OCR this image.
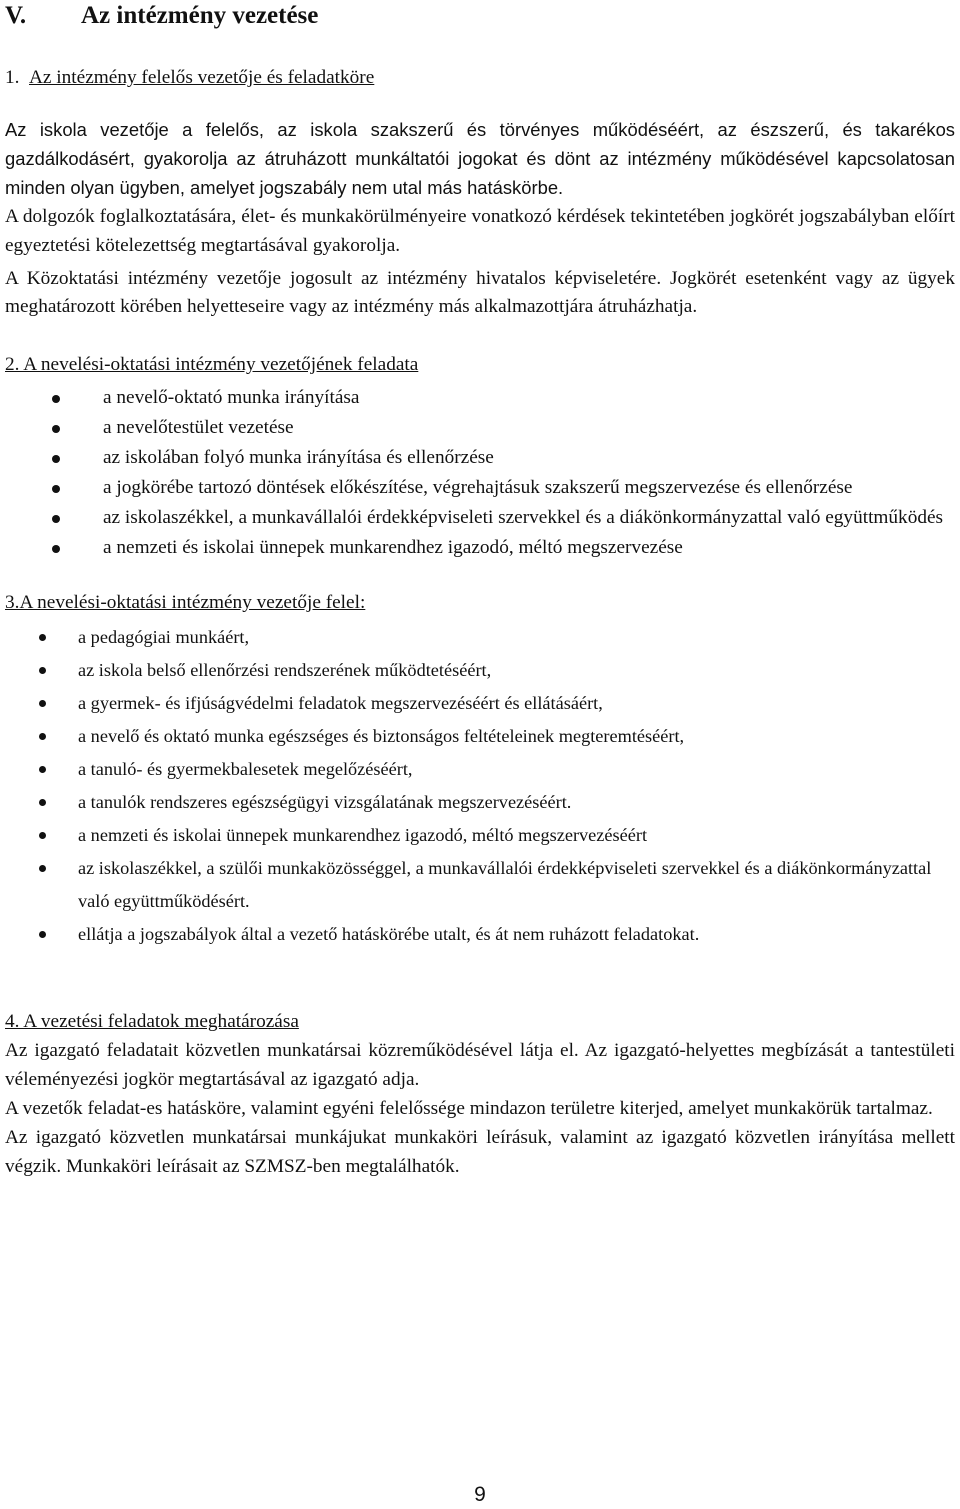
V. Az intézmény vezetése
1. Az intézmény felelős vezetője és feladatköre

Az iskola vezetője a felelős, az iskola szakszerű és törvényes működéséért, az észszerű, és takarékos gazdálkodásért, gyakorolja az átruházott munkáltatói jogokat és dönt az intézmény működésével kapcsolatosan minden olyan ügyben, amelyet jogszabály nem utal más hatáskörbe.

A dolgozók foglalkoztatására, élet- és munkakörülményeire vonatkozó kérdések tekintetében jogkörét jogszabályban előírt egyeztetési kötelezettség megtartásával gyakorolja.

A Közoktatási intézmény vezetője jogosult az intézmény hivatalos képviseletére. Jogkörét esetenként vagy az ügyek meghatározott körében helyetteseire vagy az intézmény más alkalmazottjára átruházhatja.

2. A nevelési-oktatási intézmény vezetőjének feladata
a nevelő-oktató munka irányítása
a nevelőtestület vezetése
az iskolában folyó munka irányítása és ellenőrzése
a jogkörébe tartozó döntések előkészítése, végrehajtásuk szakszerű megszervezése és ellenőrzése
az iskolaszékkel, a munkavállalói érdekképviseleti szervekkel és a diákönkormányzattal való együttműködés
a nemzeti és iskolai ünnepek munkarendhez igazodó, méltó megszervezése
3.A nevelési-oktatási intézmény vezetője felel:
a pedagógiai munkáért,
az iskola belső ellenőrzési rendszerének működtetéséért,
a gyermek- és ifjúságvédelmi feladatok megszervezéséért és ellátásáért,
a nevelő és oktató munka egészséges és biztonságos feltételeinek megteremtéséért,
a tanuló- és gyermekbalesetek megelőzéséért,
a tanulók rendszeres egészségügyi vizsgálatának megszervezéséért.
a nemzeti és iskolai ünnepek munkarendhez igazodó, méltó megszervezéséért
az iskolaszékkel, a szülői munkaközösséggel, a munkavállalói érdekképviseleti szervekkel és a diákönkormányzattal való együttműködésért.
ellátja a jogszabályok által a vezető hatáskörébe utalt, és át nem ruházott feladatokat.
4. A vezetési feladatok meghatározása

Az igazgató feladatait közvetlen munkatársai közreműködésével látja el. Az igazgató-helyettes megbízását a tantestületi véleményezési jogkör megtartásával az igazgató adja.

A vezetők feladat-es hatásköre, valamint egyéni felelőssége mindazon területre kiterjed, amelyet munkakörük tartalmaz.

Az igazgató közvetlen munkatársai munkájukat munkaköri leírásuk, valamint az igazgató közvetlen irányítása mellett végzik. Munkaköri leírásait az SZMSZ-ben megtalálhatók.

9
